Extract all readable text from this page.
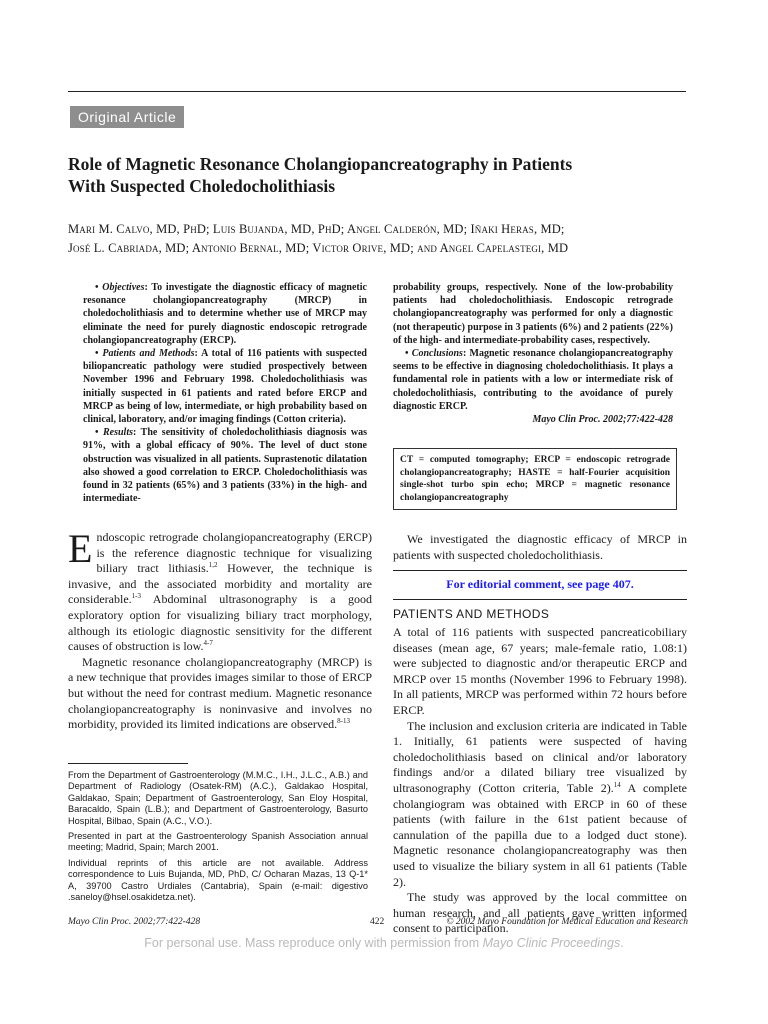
Original Article
Role of Magnetic Resonance Cholangiopancreatography in Patients
With Suspected Choledocholithiasis
Mari M. Calvo, MD, PhD; Luis Bujanda, MD, PhD; Angel Calderón, MD; Iñaki Heras, MD;
José L. Cabriada, MD; Antonio Bernal, MD; Victor Orive, MD; and Angel Capelastegi, MD

• Objectives: To investigate the diagnostic efficacy of magnetic resonance cholangiopancreatography (MRCP) in choledocholithiasis and to determine whether use of MRCP may eliminate the need for purely diagnostic endoscopic retrograde cholangiopancreatography (ERCP).

• Patients and Methods: A total of 116 patients with suspected biliopancreatic pathology were studied prospectively between November 1996 and February 1998. Choledocholithiasis was initially suspected in 61 patients and rated before ERCP and MRCP as being of low, intermediate, or high probability based on clinical, laboratory, and/or imaging findings (Cotton criteria).

• Results: The sensitivity of choledocholithiasis diagnosis was 91%, with a global efficacy of 90%. The level of duct stone obstruction was visualized in all patients. Suprastenotic dilatation also showed a good correlation to ERCP. Choledocholithiasis was found in 32 patients (65%) and 3 patients (33%) in the high- and intermediate-

probability groups, respectively. None of the low-probability patients had choledocholithiasis. Endoscopic retrograde cholangiopancreatography was performed for only a diagnostic (not therapeutic) purpose in 3 patients (6%) and 2 patients (22%) of the high- and intermediate-probability cases, respectively.

• Conclusions: Magnetic resonance cholangiopancreatography seems to be effective in diagnosing choledocholithiasis. It plays a fundamental role in patients with a low or intermediate risk of choledocholithiasis, contributing to the avoidance of purely diagnostic ERCP.

Mayo Clin Proc. 2002;77:422-428

CT = computed tomography; ERCP = endoscopic retrograde cholangiopancreatography; HASTE = half-Fourier acquisition single-shot turbo spin echo; MRCP = magnetic resonance cholangiopancreatography

Endoscopic retrograde cholangiopancreatography (ERCP) is the reference diagnostic technique for visualizing biliary tract lithiasis.$^{1,2}$ However, the technique is invasive, and the associated morbidity and mortality are considerable.$^{1-3}$ Abdominal ultrasonography is a good exploratory option for visualizing biliary tract morphology, although its etiologic diagnostic sensitivity for the different causes of obstruction is low.$^{4-7}$

Magnetic resonance cholangiopancreatography (MRCP) is a new technique that provides images similar to those of ERCP but without the need for contrast medium. Magnetic resonance cholangiopancreatography is noninvasive and involves no morbidity, provided its limited indications are observed.$^{8-13}$

We investigated the diagnostic efficacy of MRCP in patients with suspected choledocholithiasis.

For editorial comment, see page 407.
PATIENTS AND METHODS

A total of 116 patients with suspected pancreaticobiliary diseases (mean age, 67 years; male-female ratio, 1.08:1) were subjected to diagnostic and/or therapeutic ERCP and MRCP over 15 months (November 1996 to February 1998). In all patients, MRCP was performed within 72 hours before ERCP.

The inclusion and exclusion criteria are indicated in Table 1. Initially, 61 patients were suspected of having choledocholithiasis based on clinical and/or laboratory findings and/or a dilated biliary tree visualized by ultrasonography (Cotton criteria, Table 2).$^{14}$ A complete cholangiogram was obtained with ERCP in 60 of these patients (with failure in the 61st patient because of cannulation of the papilla due to a lodged duct stone). Magnetic resonance cholangiopancreatography was then used to visualize the biliary system in all 61 patients (Table 2).

The study was approved by the local committee on human research, and all patients gave written informed consent to participation.

From the Department of Gastroenterology (M.M.C., I.H., J.L.C., A.B.) and Department of Radiology (Osatek-RM) (A.C.), Galdakao Hospital, Galdakao, Spain; Department of Gastroenterology, San Eloy Hospital, Baracaldo, Spain (L.B.); and Department of Gastroenterology, Basurto Hospital, Bilbao, Spain (A.C., V.O.).

Presented in part at the Gastroenterology Spanish Association annual meeting; Madrid, Spain; March 2001.

Individual reprints of this article are not available. Address correspondence to Luis Bujanda, MD, PhD, C/ Ocharan Mazas, 13 Q-1* A, 39700 Castro Urdiales (Cantabria), Spain (e-mail: digestivo .saneloy@hsel.osakidetza.net).

Mayo Clin Proc. 2002;77:422-428	422	© 2002 Mayo Foundation for Medical Education and Research
For personal use. Mass reproduce only with permission from Mayo Clinic Proceedings.
